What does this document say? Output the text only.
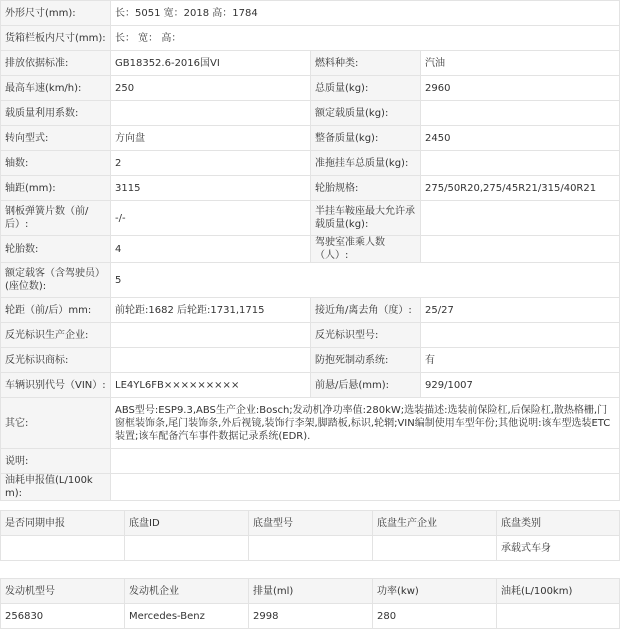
外形尺寸(mm):	长：5051 宽：2018 高：1784		
货箱栏板内尺寸(mm):	长： 宽： 高：		
排放依据标准:	GB18352.6-2016国VI	燃料种类:	汽油
最高车速(km/h):	250	总质量(kg):	2960
载质量利用系数:		额定载质量(kg):	
转向型式:	方向盘	整备质量(kg):	2450
轴数:	2	准拖挂车总质量(kg):	
轴距(mm):	3115	轮胎规格:	275/50R20,275/45R21/315/40R21
钢板弹簧片数（前/后）:	-/-	半挂车鞍座最大允许承载质量(kg):	
轮胎数:	4	驾驶室准乘人数（人）:	
额定载客（含驾驶员）(座位数):	5		
轮距（前/后）mm:	前轮距:1682 后轮距:1731,1715	接近角/离去角（度）:	25/27
反光标识生产企业:		反光标识型号:	
反光标识商标:		防抱死制动系统:	有
车辆识别代号（VIN）:	LE4YL6FB×××××××××	前悬/后悬(mm):	929/1007
其它:	ABS型号:ESP9.3,ABS生产企业:Bosch;发动机净功率值:280kW;选装描述:选装前保险杠,后保险杠,散热格栅,门窗框装饰条,尾门装饰条,外后视镜,装饰行李架,脚踏板,标识,轮辋;VIN编制使用车型年份;其他说明:该车型选装ETC装置;该车配备汽车事件数据记录系统(EDR).		
说明:			
油耗申报值(L/100km):			
是否同期申报	底盘ID	底盘型号	底盘生产企业	底盘类别
				承载式车身
发动机型号	发动机企业	排量(ml)	功率(kw)	油耗(L/100km)
256830	Mercedes-Benz	2998	280	
